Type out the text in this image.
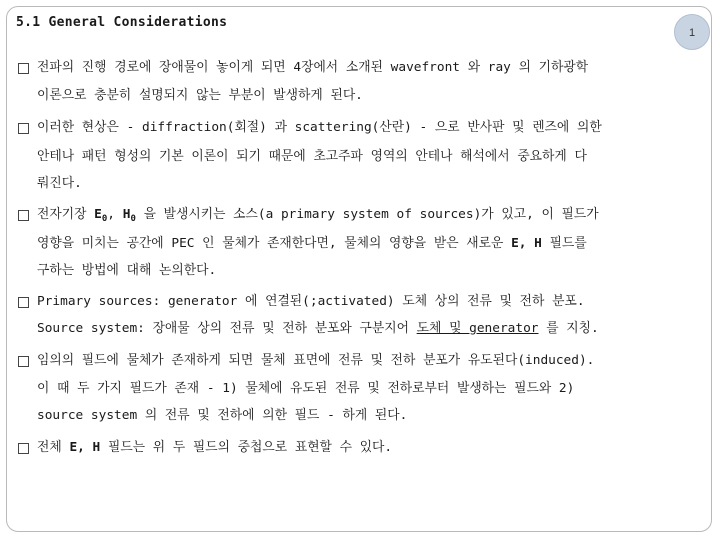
5.1 General Considerations
1
전파의 진행 경로에 장애물이 놓이게 되면 4장에서 소개된 wavefront 와 ray 의 기하광학
이론으로 충분히 설명되지 않는 부분이 발생하게 된다.
이러한 현상은 - diffraction(회절) 과 scattering(산란) - 으로 반사판 및 렌즈에 의한
안테나 패턴 형성의 기본 이론이 되기 때문에 초고주파 영역의 안테나 해석에서 중요하게 다
뤄진다.
전자기장 $E_0$, $H_0$ 을 발생시키는 소스(a primary system of sources)가 있고, 이 필드가
영향을 미치는 공간에 PEC 인 물체가 존재한다면, 물체의 영향을 받은 새로운 E, H 필드를
구하는 방법에 대해 논의한다.
Primary sources: generator 에 연결된(;activated) 도체 상의 전류 및 전하 분포.
Source system: 장애물 상의 전류 및 전하 분포와 구분지어 도체 및 generator 를 지칭.
임의의 필드에 물체가 존재하게 되면 물체 표면에 전류 및 전하 분포가 유도된다(induced).
이 때 두 가지 필드가 존재 - 1) 물체에 유도된 전류 및 전하로부터 발생하는 필드와 2)
source system 의 전류 및 전하에 의한 필드 - 하게 된다.
전체 E, H 필드는 위 두 필드의 중첩으로 표현할 수 있다.
